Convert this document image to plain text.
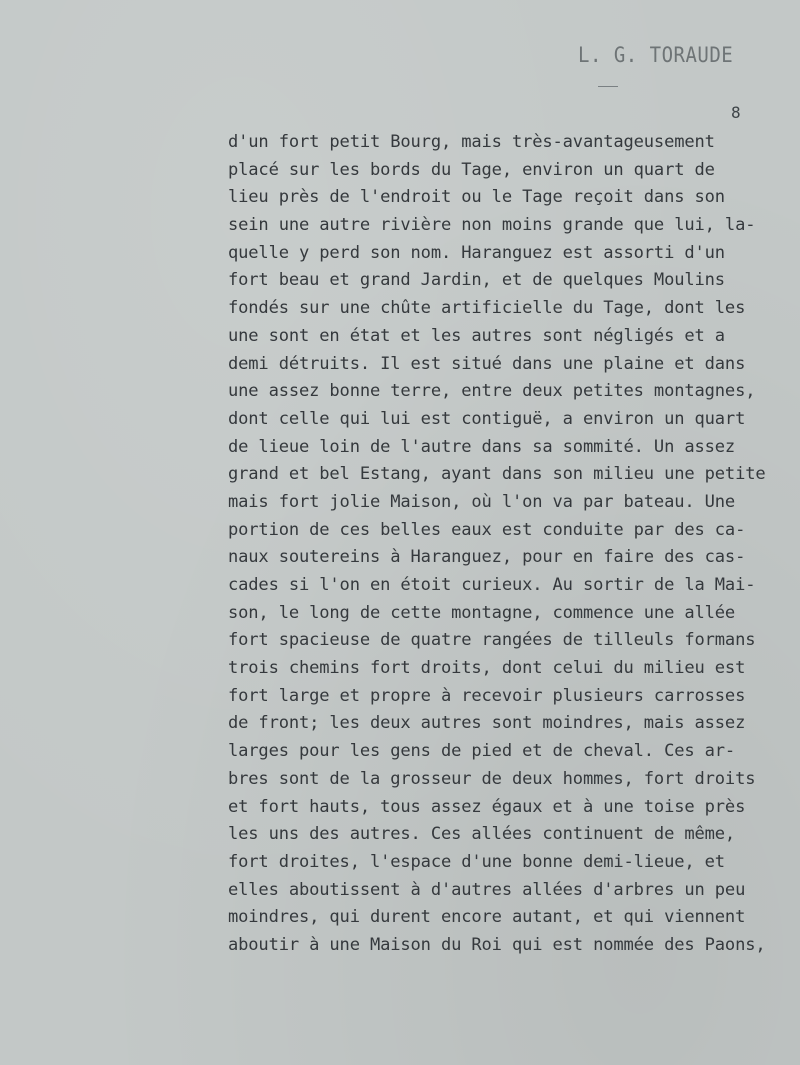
L. G. TORAUDE
8
d'un fort petit Bourg, mais très-avantageusement
placé sur les bords du Tage, environ un quart de
lieu près de l'endroit ou le Tage reçoit dans son
sein une autre rivière non moins grande que lui, la-
quelle y perd son nom. Haranguez est assorti d'un
fort beau et grand Jardin, et de quelques Moulins
fondés sur une chûte artificielle du Tage, dont les
une sont en état et les autres sont négligés et a
demi détruits. Il est situé dans une plaine et dans
une assez bonne terre, entre deux petites montagnes,
dont celle qui lui est contiguë, a environ un quart
de lieue loin de l'autre dans sa sommité. Un assez
grand et bel Estang, ayant dans son milieu une petite
mais fort jolie Maison, où l'on va par bateau. Une
portion de ces belles eaux est conduite par des ca-
naux soutereins à Haranguez, pour en faire des cas-
cades si l'on en étoit curieux. Au sortir de la Mai-
son, le long de cette montagne, commence une allée
fort spacieuse de quatre rangées de tilleuls formans
trois chemins fort droits, dont celui du milieu est
fort large et propre à recevoir plusieurs carrosses
de front; les deux autres sont moindres, mais assez
larges pour les gens de pied et de cheval. Ces ar-
bres sont de la grosseur de deux hommes, fort droits
et fort hauts, tous assez égaux et à une toise près
les uns des autres. Ces allées continuent de même,
fort droites, l'espace d'une bonne demi-lieue, et
elles aboutissent à d'autres allées d'arbres un peu
moindres, qui durent encore autant, et qui viennent
aboutir à une Maison du Roi qui est nommée des Paons,
